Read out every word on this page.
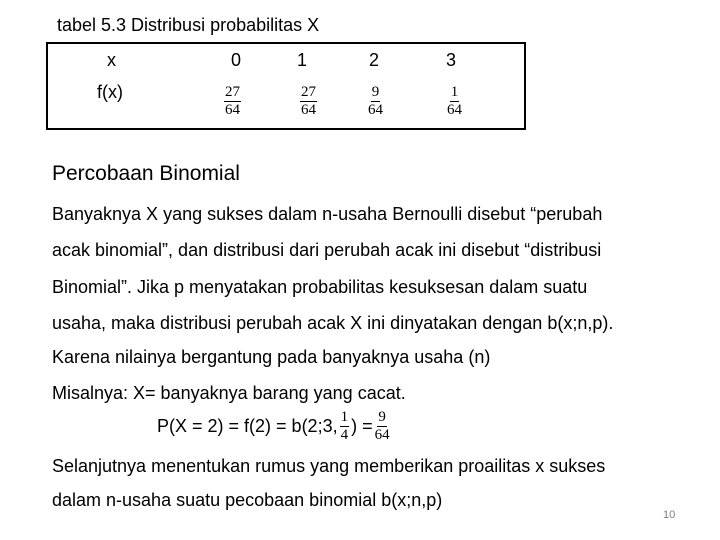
tabel 5.3 Distribusi probabilitas X
x	0	1	2	3
f(x)	$\frac{27}{64}$	$\frac{27}{64}$	$\frac{9}{64}$	$\frac{1}{64}$
Percobaan Binomial
Banyaknya X yang sukses dalam n-usaha Bernoulli disebut “perubah
acak binomial”, dan distribusi dari perubah acak ini disebut “distribusi
Binomial”. Jika p menyatakan probabilitas kesuksesan dalam suatu
usaha, maka distribusi perubah acak X ini dinyatakan dengan b(x;n,p).
Karena nilainya bergantung pada banyaknya usaha (n)
Misalnya: X= banyaknya barang yang cacat.
P(X = 2) = f(2) = b(2;3, $\frac{1}{4}$ ) = $\frac{9}{64}$
Selanjutnya menentukan rumus yang memberikan proailitas x sukses
dalam n-usaha suatu pecobaan binomial b(x;n,p)
10
